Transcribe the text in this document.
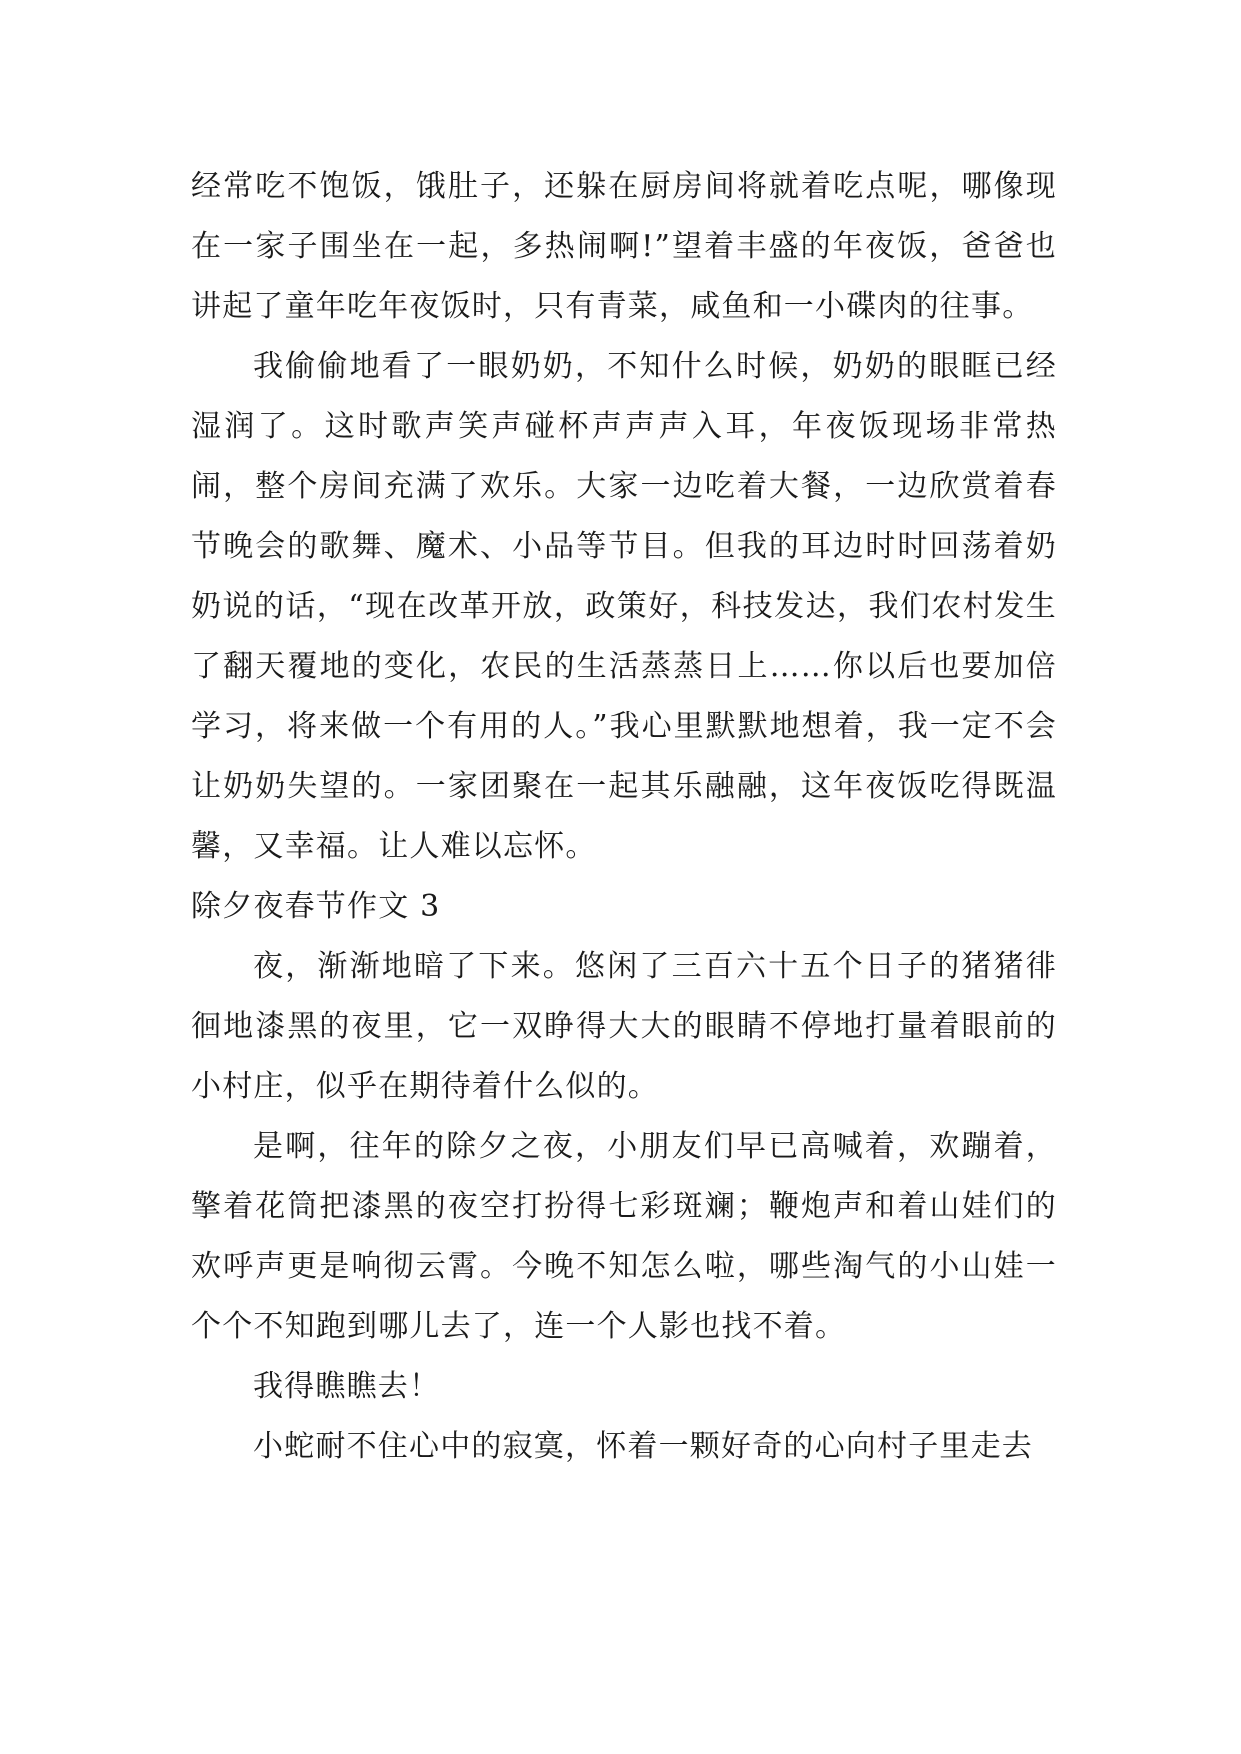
经常吃不饱饭，饿肚子，还躲在厨房间将就着吃点呢，哪像现在一家子围坐在一起，多热闹啊!”望着丰盛的年夜饭，爸爸也讲起了童年吃年夜饭时，只有青菜，咸鱼和一小碟肉的往事。

我偷偷地看了一眼奶奶，不知什么时候，奶奶的眼眶已经湿润了。这时歌声笑声碰杯声声声入耳，年夜饭现场非常热闹，整个房间充满了欢乐。大家一边吃着大餐，一边欣赏着春节晚会的歌舞、魔术、小品等节目。但我的耳边时时回荡着奶奶说的话，“现在改革开放，政策好，科技发达，我们农村发生了翻天覆地的变化，农民的生活蒸蒸日上……你以后也要加倍学习，将来做一个有用的人。”我心里默默地想着，我一定不会让奶奶失望的。一家团聚在一起其乐融融，这年夜饭吃得既温馨，又幸福。让人难以忘怀。

除夕夜春节作文 3

夜，渐渐地暗了下来。悠闲了三百六十五个日子的猪猪徘徊地漆黑的夜里，它一双睁得大大的眼睛不停地打量着眼前的小村庄，似乎在期待着什么似的。

是啊，往年的除夕之夜，小朋友们早已高喊着，欢蹦着，擎着花筒把漆黑的夜空打扮得七彩斑斓；鞭炮声和着山娃们的欢呼声更是响彻云霄。今晚不知怎么啦，哪些淘气的小山娃一个个不知跑到哪儿去了，连一个人影也找不着。

我得瞧瞧去！

小蛇耐不住心中的寂寞，怀着一颗好奇的心向村子里走去
